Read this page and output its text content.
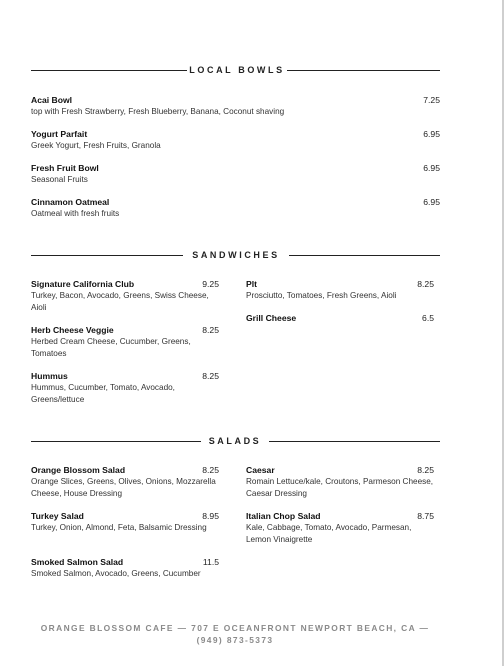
LOCAL BOWLS
Acai Bowl
top with Fresh Strawberry, Fresh Blueberry, Banana, Coconut shaving
7.25
Yogurt Parfait
Greek Yogurt, Fresh Fruits, Granola
6.95
Fresh Fruit Bowl
Seasonal Fruits
6.95
Cinnamon Oatmeal
Oatmeal with fresh fruits
6.95
SANDWICHES
Signature California Club
Turkey, Bacon, Avocado, Greens, Swiss Cheese, Aioli
9.25
Herb Cheese Veggie
Herbed Cream Cheese, Cucumber, Greens, Tomatoes
8.25
Hummus
Hummus, Cucumber, Tomato, Avocado, Greens/lettuce
8.25
Plt
Prosciutto, Tomatoes, Fresh Greens, Aioli
8.25
Grill Cheese	6.5
SALADS
Orange Blossom Salad
Orange Slices, Greens, Olives, Onions, Mozzarella Cheese, House Dressing
8.25
Turkey Salad
Turkey, Onion, Almond, Feta, Balsamic Dressing
8.95
Smoked Salmon Salad
Smoked Salmon, Avocado, Greens, Cucumber
11.5
Caesar
Romain Lettuce/kale, Croutons, Parmeson Cheese, Caesar Dressing
8.25
Italian Chop Salad
Kale, Cabbage, Tomato, Avocado, Parmesan, Lemon Vinaigrette
8.75
ORANGE BLOSSOM CAFE — 707 E OCEANFRONT NEWPORT BEACH, CA — (949) 873-5373
